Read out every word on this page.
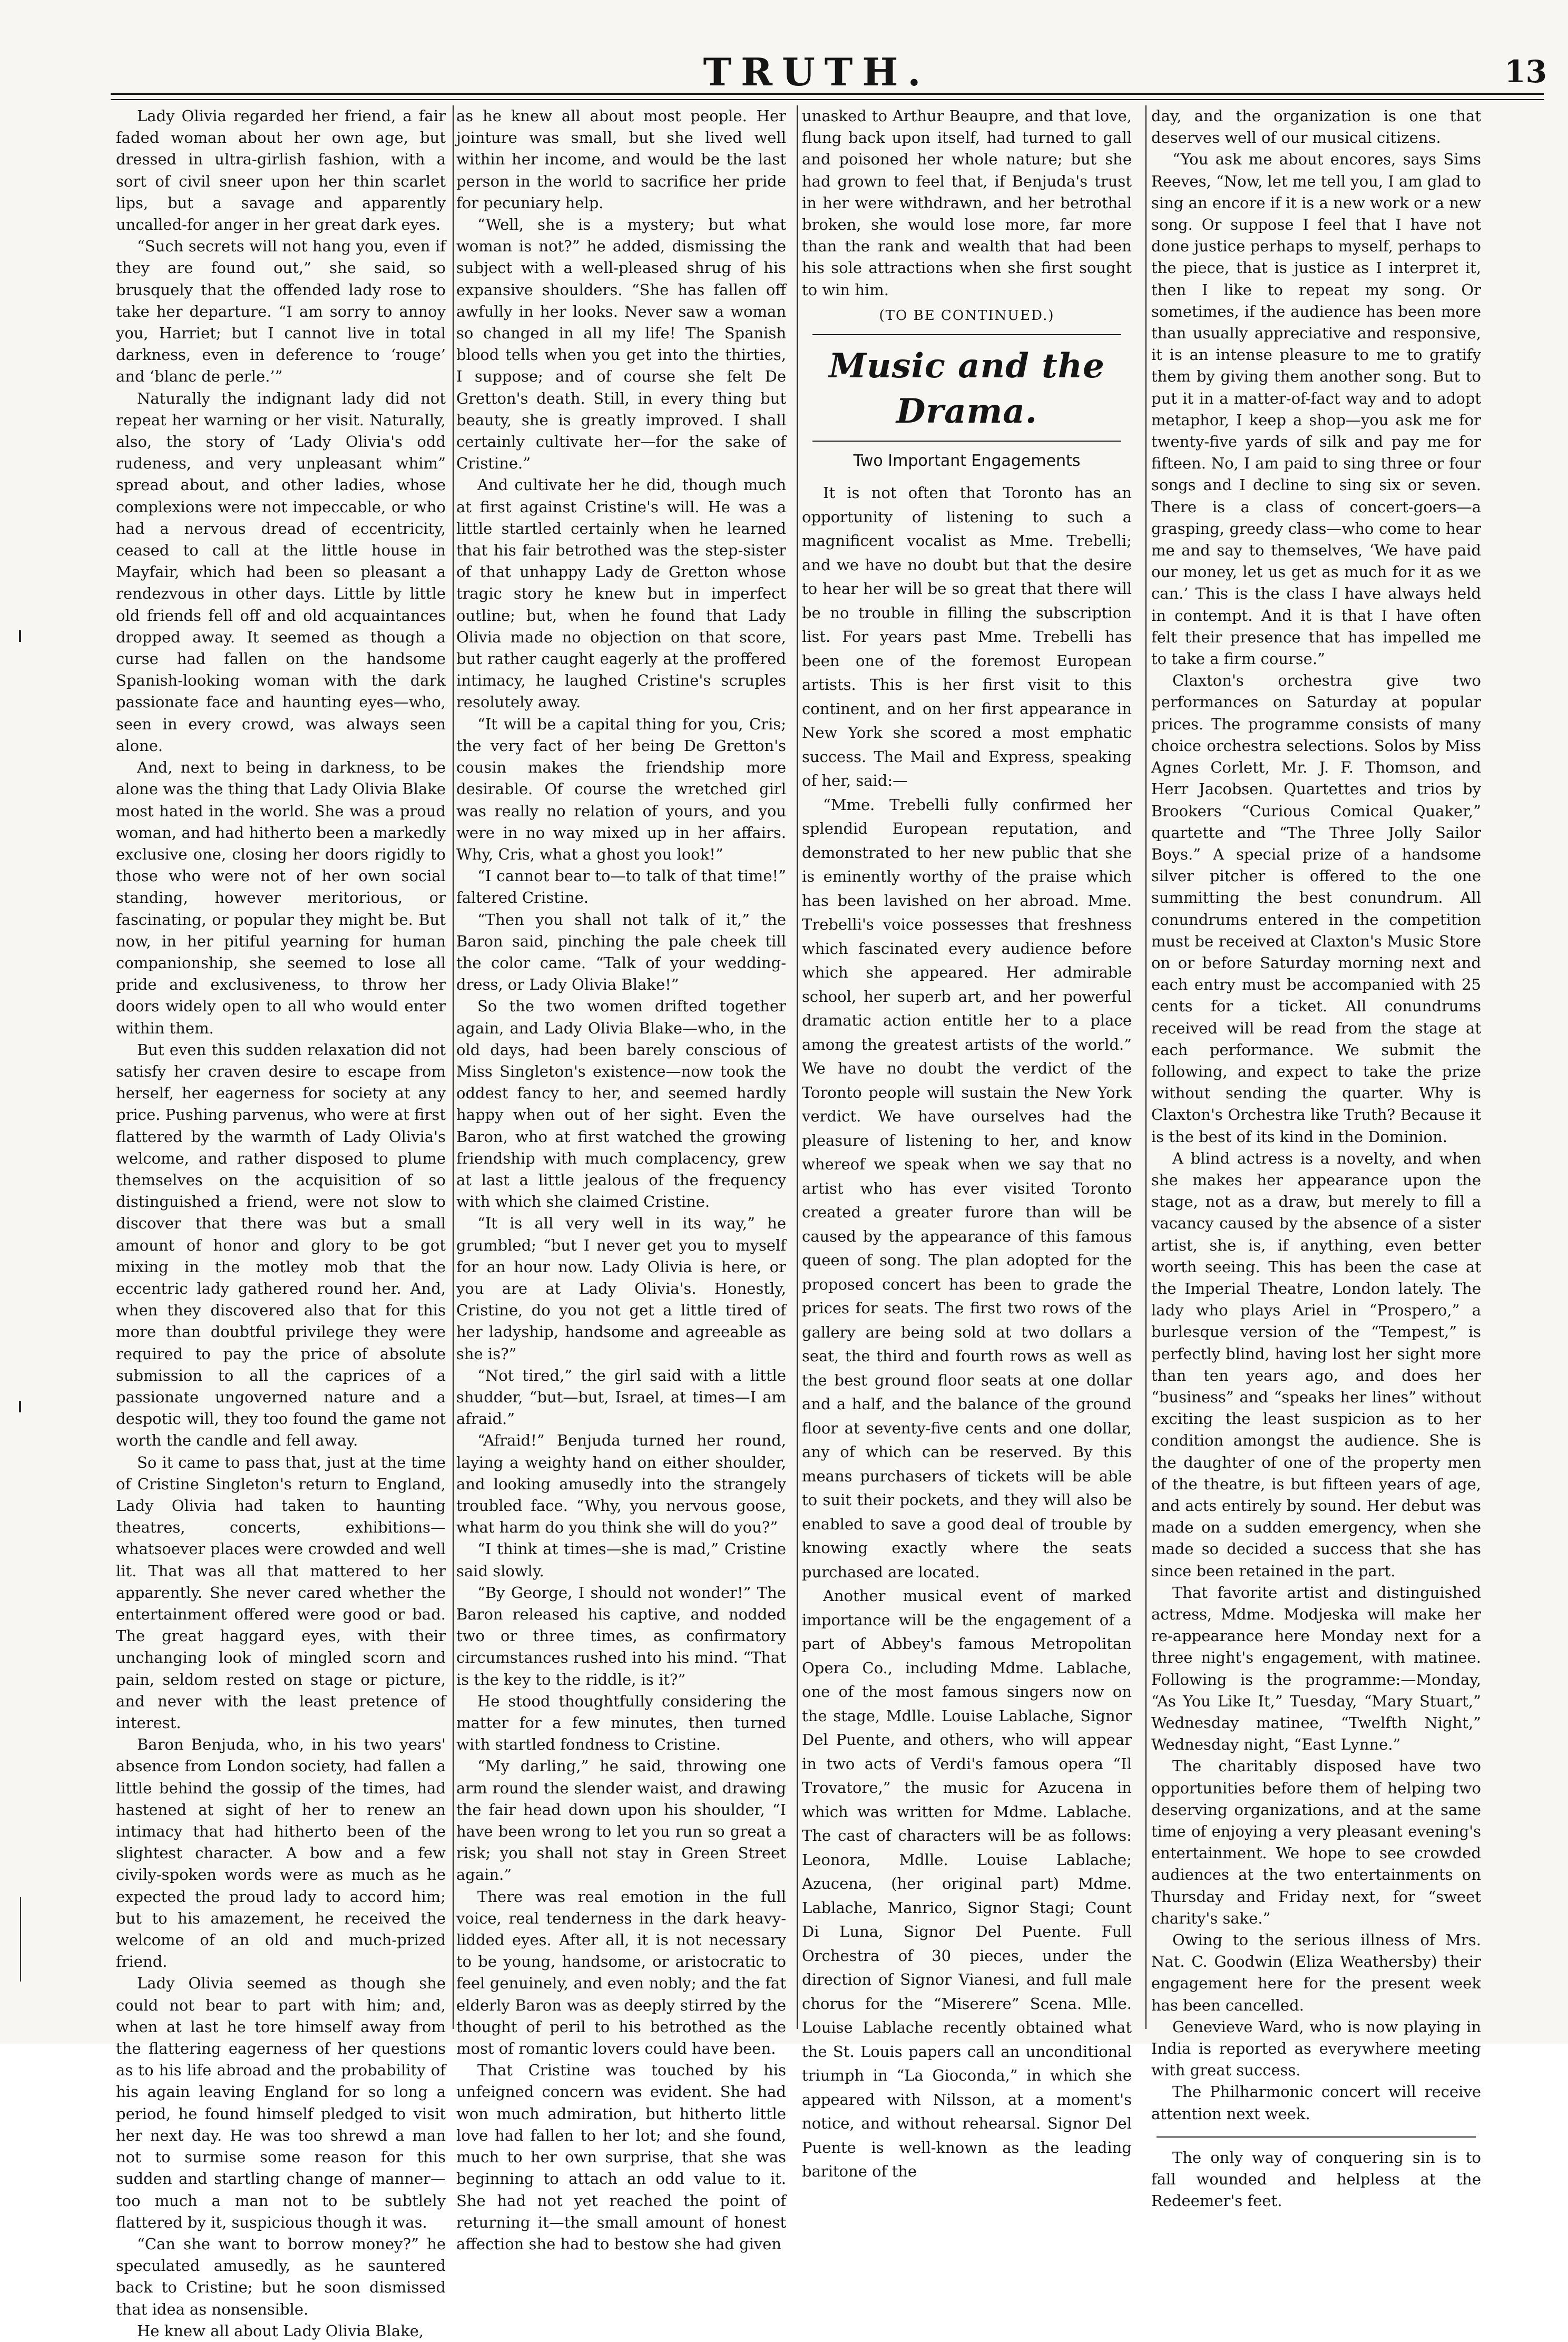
TRUTH.	13

Lady Olivia regarded her friend, a fair faded woman about her own age, but dressed in ultra-girlish fashion, with a sort of civil sneer upon her thin scarlet lips, but a savage and apparently uncalled-for anger in her great dark eyes.

“Such secrets will not hang you, even if they are found out,” she said, so brusquely that the offended lady rose to take her departure. “I am sorry to annoy you, Harriet; but I cannot live in total darkness, even in deference to ‘rouge’ and ‘blanc de perle.’”

Naturally the indignant lady did not repeat her warning or her visit. Naturally, also, the story of ‘Lady Olivia's odd rudeness, and very unpleasant whim” spread about, and other ladies, whose complexions were not impeccable, or who had a nervous dread of eccentricity, ceased to call at the little house in Mayfair, which had been so pleasant a rendezvous in other days. Little by little old friends fell off and old acquaintances dropped away. It seemed as though a curse had fallen on the handsome Spanish-looking woman with the dark passionate face and haunting eyes—who, seen in every crowd, was always seen alone.

And, next to being in darkness, to be alone was the thing that Lady Olivia Blake most hated in the world. She was a proud woman, and had hitherto been a markedly exclusive one, closing her doors rigidly to those who were not of her own social standing, however meritorious, or fascinating, or popular they might be. But now, in her pitiful yearning for human companionship, she seemed to lose all pride and exclusiveness, to throw her doors widely open to all who would enter within them.

But even this sudden relaxation did not satisfy her craven desire to escape from herself, her eagerness for society at any price. Pushing parvenus, who were at first flattered by the warmth of Lady Olivia's welcome, and rather disposed to plume themselves on the acquisition of so distinguished a friend, were not slow to discover that there was but a small amount of honor and glory to be got mixing in the motley mob that the eccentric lady gathered round her. And, when they discovered also that for this more than doubtful privilege they were required to pay the price of absolute submission to all the caprices of a passionate ungoverned nature and a despotic will, they too found the game not worth the candle and fell away.

So it came to pass that, just at the time of Cristine Singleton's return to England, Lady Olivia had taken to haunting theatres, concerts, exhibitions—whatsoever places were crowded and well lit. That was all that mattered to her apparently. She never cared whether the entertainment offered were good or bad. The great haggard eyes, with their unchanging look of mingled scorn and pain, seldom rested on stage or picture, and never with the least pretence of interest.

Baron Benjuda, who, in his two years' absence from London society, had fallen a little behind the gossip of the times, had hastened at sight of her to renew an intimacy that had hitherto been of the slightest character. A bow and a few civily-spoken words were as much as he expected the proud lady to accord him; but to his amazement, he received the welcome of an old and much-prized friend.

Lady Olivia seemed as though she could not bear to part with him; and, when at last he tore himself away from the flattering eagerness of her questions as to his life abroad and the probability of his again leaving England for so long a period, he found himself pledged to visit her next day. He was too shrewd a man not to surmise some reason for this sudden and startling change of manner—too much a man not to be subtlely flattered by it, suspicious though it was.

“Can she want to borrow money?” he speculated amusedly, as he sauntered back to Cristine; but he soon dismissed that idea as nonsensible.

He knew all about Lady Olivia Blake,

as he knew all about most people. Her jointure was small, but she lived well within her income, and would be the last person in the world to sacrifice her pride for pecuniary help.

“Well, she is a mystery; but what woman is not?” he added, dismissing the subject with a well-pleased shrug of his expansive shoulders. “She has fallen off awfully in her looks. Never saw a woman so changed in all my life! The Spanish blood tells when you get into the thirties, I suppose; and of course she felt De Gretton's death. Still, in every thing but beauty, she is greatly improved. I shall certainly cultivate her—for the sake of Cristine.”

And cultivate her he did, though much at first against Cristine's will. He was a little startled certainly when he learned that his fair betrothed was the step-sister of that unhappy Lady de Gretton whose tragic story he knew but in imperfect outline; but, when he found that Lady Olivia made no objection on that score, but rather caught eagerly at the proffered intimacy, he laughed Cristine's scruples resolutely away.

“It will be a capital thing for you, Cris; the very fact of her being De Gretton's cousin makes the friendship more desirable. Of course the wretched girl was really no relation of yours, and you were in no way mixed up in her affairs. Why, Cris, what a ghost you look!”

“I cannot bear to—to talk of that time!” faltered Cristine.

“Then you shall not talk of it,” the Baron said, pinching the pale cheek till the color came. “Talk of your wedding-dress, or Lady Olivia Blake!”

So the two women drifted together again, and Lady Olivia Blake—who, in the old days, had been barely conscious of Miss Singleton's existence—now took the oddest fancy to her, and seemed hardly happy when out of her sight. Even the Baron, who at first watched the growing friendship with much complacency, grew at last a little jealous of the frequency with which she claimed Cristine.

“It is all very well in its way,” he grumbled; “but I never get you to myself for an hour now. Lady Olivia is here, or you are at Lady Olivia's. Honestly, Cristine, do you not get a little tired of her ladyship, handsome and agreeable as she is?”

“Not tired,” the girl said with a little shudder, “but—but, Israel, at times—I am afraid.”

“Afraid!” Benjuda turned her round, laying a weighty hand on either shoulder, and looking amusedly into the strangely troubled face. “Why, you nervous goose, what harm do you think she will do you?”

“I think at times—she is mad,” Cristine said slowly.

“By George, I should not wonder!” The Baron released his captive, and nodded two or three times, as confirmatory circumstances rushed into his mind. “That is the key to the riddle, is it?”

He stood thoughtfully considering the matter for a few minutes, then turned with startled fondness to Cristine.

“My darling,” he said, throwing one arm round the slender waist, and drawing the fair head down upon his shoulder, “I have been wrong to let you run so great a risk; you shall not stay in Green Street again.”

There was real emotion in the full voice, real tenderness in the dark heavy-lidded eyes. After all, it is not necessary to be young, handsome, or aristocratic to feel genuinely, and even nobly; and the fat elderly Baron was as deeply stirred by the thought of peril to his betrothed as the most of romantic lovers could have been.

That Cristine was touched by his unfeigned concern was evident. She had won much admiration, but hitherto little love had fallen to her lot; and she found, much to her own surprise, that she was beginning to attach an odd value to it. She had not yet reached the point of returning it—the small amount of honest affection she had to bestow she had given

unasked to Arthur Beaupre, and that love, flung back upon itself, had turned to gall and poisoned her whole nature; but she had grown to feel that, if Benjuda's trust in her were withdrawn, and her betrothal broken, she would lose more, far more than the rank and wealth that had been his sole attractions when she first sought to win him.

(TO BE CONTINUED.)
Music and the Drama.
Two Important Engagements

It is not often that Toronto has an opportunity of listening to such a magnificent vocalist as Mme. Trebelli; and we have no doubt but that the desire to hear her will be so great that there will be no trouble in filling the subscription list. For years past Mme. Trebelli has been one of the foremost European artists. This is her first visit to this continent, and on her first appearance in New York she scored a most emphatic success. The Mail and Express, speaking of her, said:—

“Mme. Trebelli fully confirmed her splendid European reputation, and demonstrated to her new public that she is eminently worthy of the praise which has been lavished on her abroad. Mme. Trebelli's voice possesses that freshness which fascinated every audience before which she appeared. Her admirable school, her superb art, and her powerful dramatic action entitle her to a place among the greatest artists of the world.” We have no doubt the verdict of the Toronto people will sustain the New York verdict. We have ourselves had the pleasure of listening to her, and know whereof we speak when we say that no artist who has ever visited Toronto created a greater furore than will be caused by the appearance of this famous queen of song. The plan adopted for the proposed concert has been to grade the prices for seats. The first two rows of the gallery are being sold at two dollars a seat, the third and fourth rows as well as the best ground floor seats at one dollar and a half, and the balance of the ground floor at seventy-five cents and one dollar, any of which can be reserved. By this means purchasers of tickets will be able to suit their pockets, and they will also be enabled to save a good deal of trouble by knowing exactly where the seats purchased are located.

Another musical event of marked importance will be the engagement of a part of Abbey's famous Metropolitan Opera Co., including Mdme. Lablache, one of the most famous singers now on the stage, Mdlle. Louise Lablache, Signor Del Puente, and others, who will appear in two acts of Verdi's famous opera “Il Trovatore,” the music for Azucena in which was written for Mdme. Lablache. The cast of characters will be as follows: Leonora, Mdlle. Louise Lablache; Azucena, (her original part) Mdme. Lablache, Manrico, Signor Stagi; Count Di Luna, Signor Del Puente. Full Orchestra of 30 pieces, under the direction of Signor Vianesi, and full male chorus for the “Miserere” Scena. Mlle. Louise Lablache recently obtained what the St. Louis papers call an unconditional triumph in “La Gioconda,” in which she appeared with Nilsson, at a moment's notice, and without rehearsal. Signor Del Puente is well-known as the leading baritone of the

day, and the organization is one that deserves well of our musical citizens.

“You ask me about encores, says Sims Reeves, “Now, let me tell you, I am glad to sing an encore if it is a new work or a new song. Or suppose I feel that I have not done justice perhaps to myself, perhaps to the piece, that is justice as I interpret it, then I like to repeat my song. Or sometimes, if the audience has been more than usually appreciative and responsive, it is an intense pleasure to me to gratify them by giving them another song. But to put it in a matter-of-fact way and to adopt metaphor, I keep a shop—you ask me for twenty-five yards of silk and pay me for fifteen. No, I am paid to sing three or four songs and I decline to sing six or seven. There is a class of concert-goers—a grasping, greedy class—who come to hear me and say to themselves, ‘We have paid our money, let us get as much for it as we can.’ This is the class I have always held in contempt. And it is that I have often felt their presence that has impelled me to take a firm course.”

Claxton's orchestra give two performances on Saturday at popular prices. The programme consists of many choice orchestra selections. Solos by Miss Agnes Corlett, Mr. J. F. Thomson, and Herr Jacobsen. Quartettes and trios by Brookers “Curious Comical Quaker,” quartette and “The Three Jolly Sailor Boys.” A special prize of a handsome silver pitcher is offered to the one summitting the best conundrum. All conundrums entered in the competition must be received at Claxton's Music Store on or before Saturday morning next and each entry must be accompanied with 25 cents for a ticket. All conundrums received will be read from the stage at each performance. We submit the following, and expect to take the prize without sending the quarter. Why is Claxton's Orchestra like Truth? Because it is the best of its kind in the Dominion.

A blind actress is a novelty, and when she makes her appearance upon the stage, not as a draw, but merely to fill a vacancy caused by the absence of a sister artist, she is, if anything, even better worth seeing. This has been the case at the Imperial Theatre, London lately. The lady who plays Ariel in “Prospero,” a burlesque version of the “Tempest,” is perfectly blind, having lost her sight more than ten years ago, and does her “business” and “speaks her lines” without exciting the least suspicion as to her condition amongst the audience. She is the daughter of one of the property men of the theatre, is but fifteen years of age, and acts entirely by sound. Her debut was made on a sudden emergency, when she made so decided a success that she has since been retained in the part.

That favorite artist and distinguished actress, Mdme. Modjeska will make her re-appearance here Monday next for a three night's engagement, with matinee. Following is the programme:—Monday, “As You Like It,” Tuesday, “Mary Stuart,” Wednesday matinee, “Twelfth Night,” Wednesday night, “East Lynne.”

The charitably disposed have two opportunities before them of helping two deserving organizations, and at the same time of enjoying a very pleasant evening's entertainment. We hope to see crowded audiences at the two entertainments on Thursday and Friday next, for “sweet charity's sake.”

Owing to the serious illness of Mrs. Nat. C. Goodwin (Eliza Weathersby) their engagement here for the present week has been cancelled.

Genevieve Ward, who is now playing in India is reported as everywhere meeting with great success.

The Philharmonic concert will receive attention next week.

The only way of conquering sin is to fall wounded and helpless at the Redeemer's feet.
